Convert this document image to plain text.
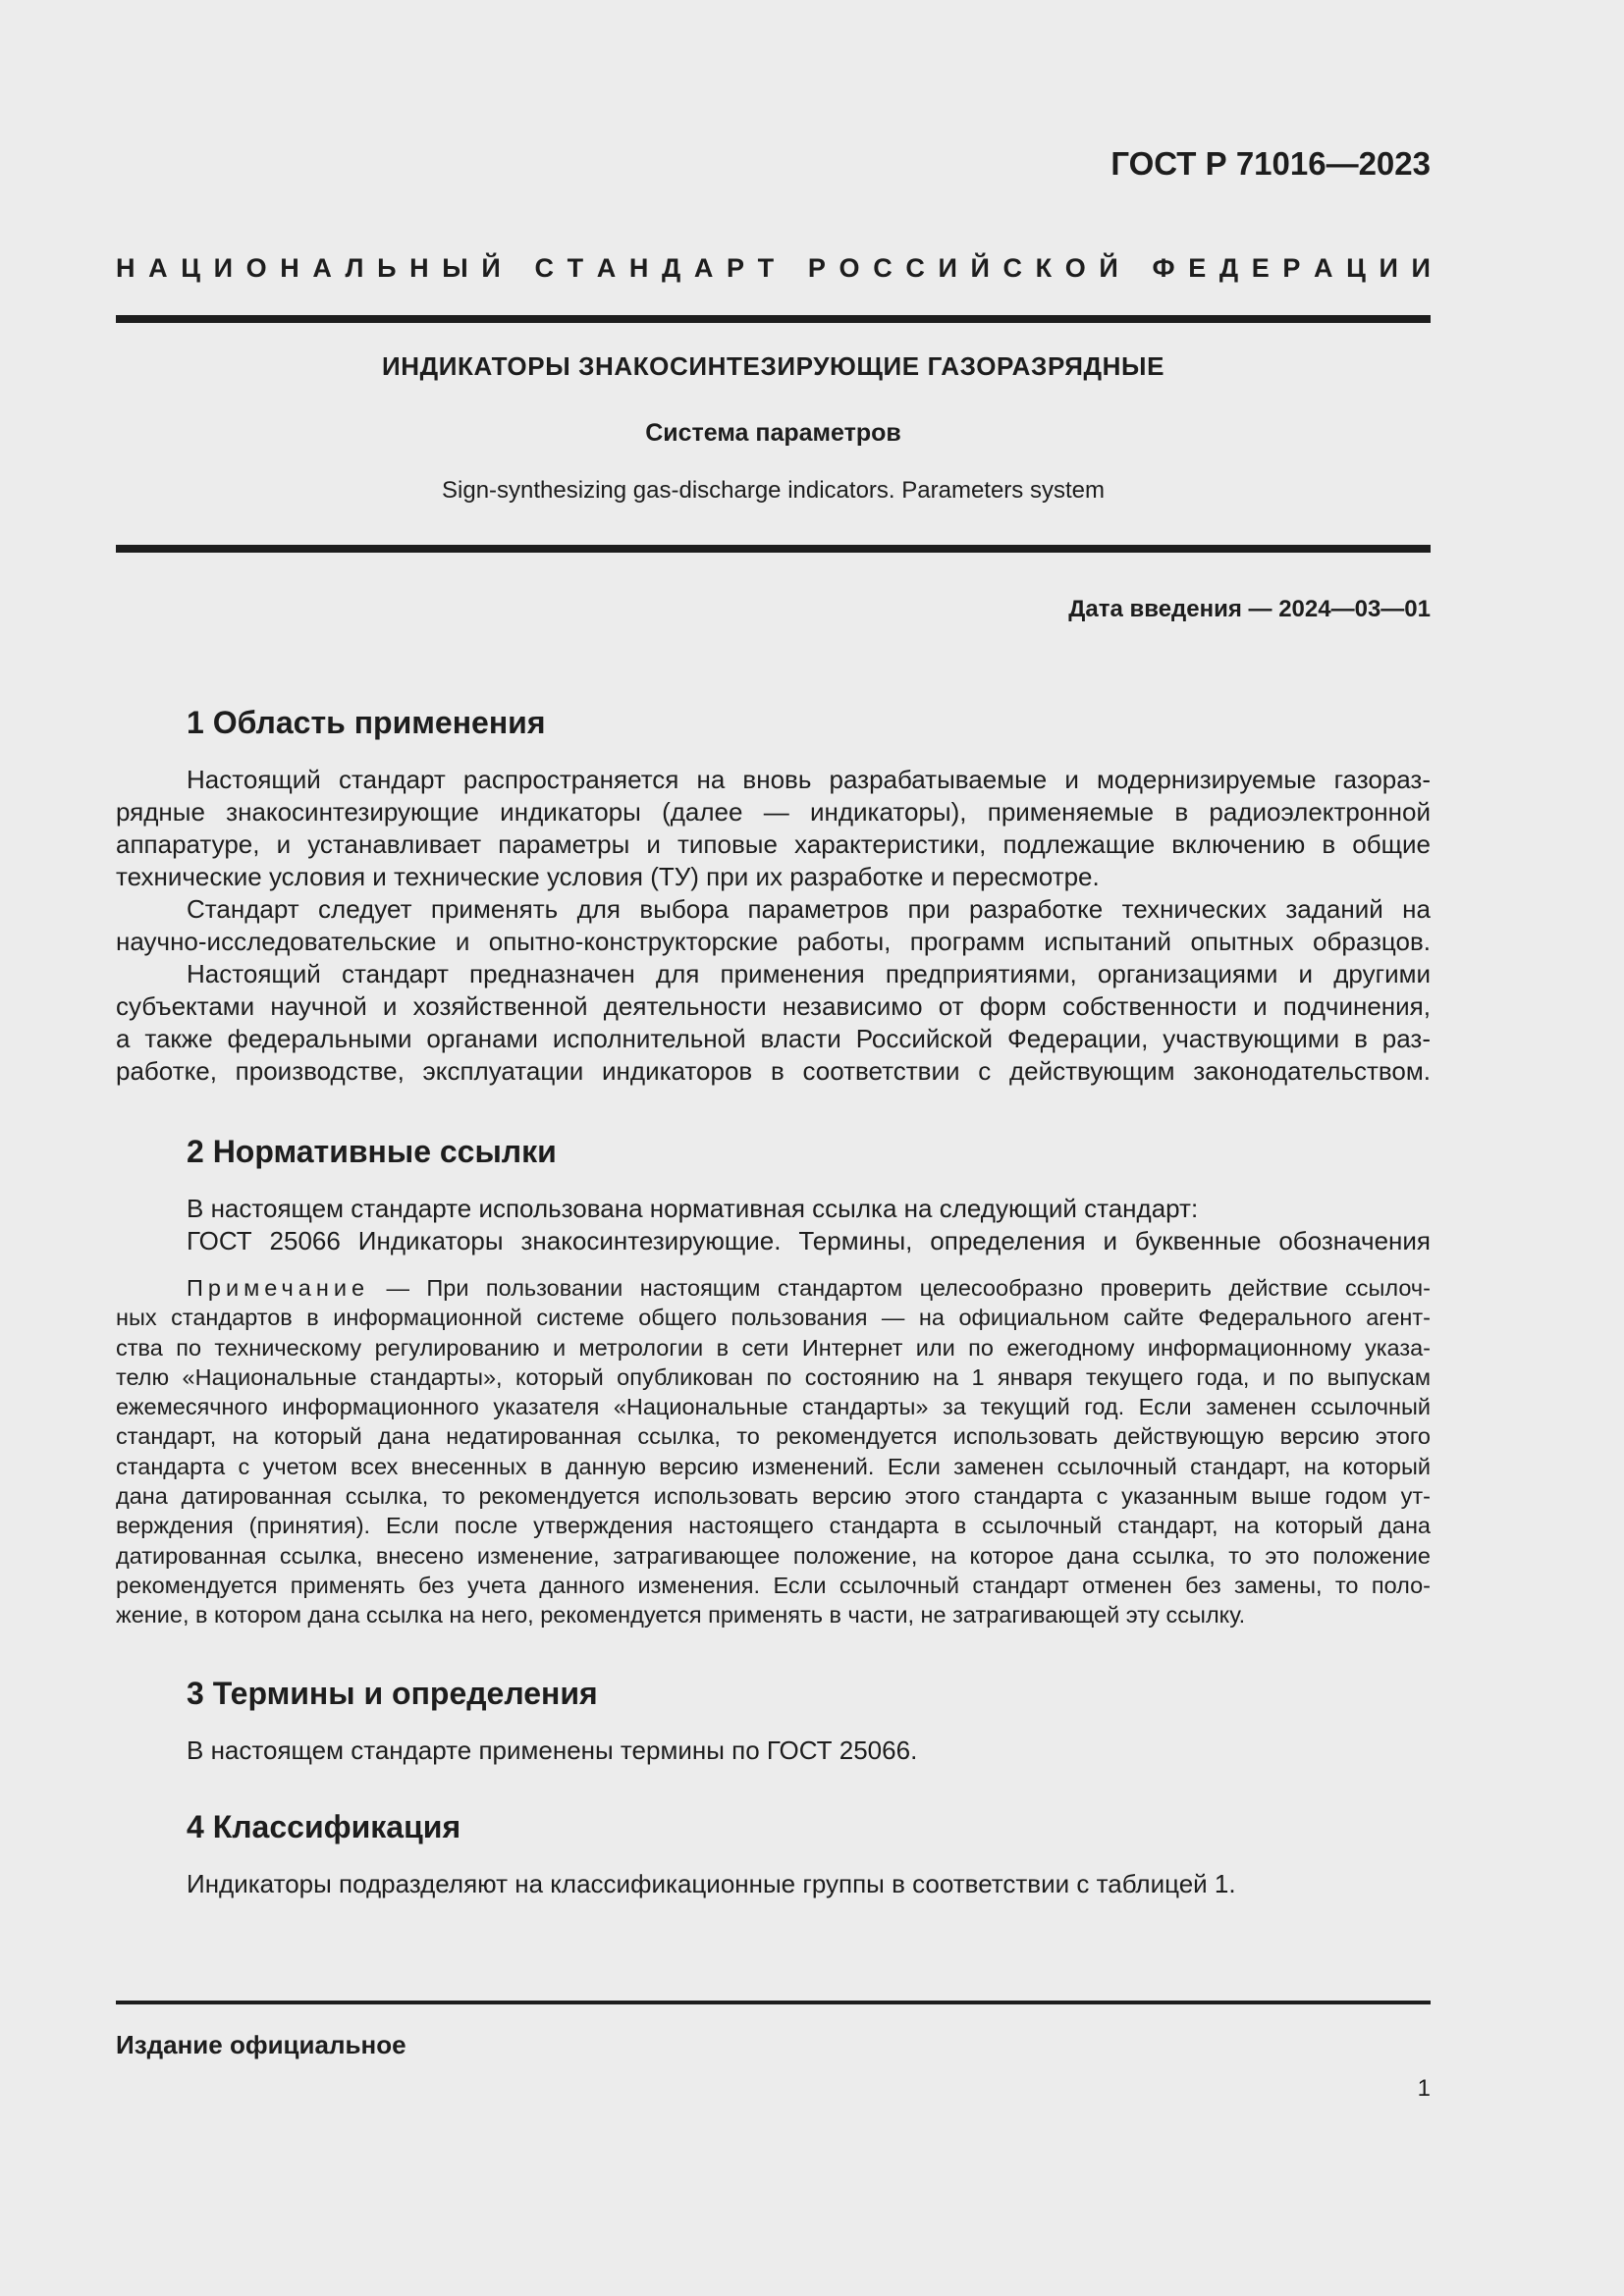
ГОСТ Р 71016—2023
Н А Ц И О Н А Л Ь Н Ы Й
С Т А Н Д А Р Т
Р О С С И Й С К О Й
Ф Е Д Е Р А Ц И И
ИНДИКАТОРЫ ЗНАКОСИНТЕЗИРУЮЩИЕ ГАЗОРАЗРЯДНЫЕ
Система параметров
Sign-synthesizing gas-discharge indicators. Parameters system
Дата введения — 2024—03—01
1 Область применения
Настоящий стандарт распространяется на вновь разрабатываемые и модернизируемые газораз-
рядные знакосинтезирующие индикаторы (далее — индикаторы), применяемые в радиоэлектронной
аппаратуре, и устанавливает параметры и типовые характеристики, подлежащие включению в общие
технические условия и технические условия (ТУ) при их разработке и пересмотре.
Стандарт следует применять для выбора параметров при разработке технических заданий на
научно-исследовательские и опытно-конструкторские работы, программ испытаний опытных образцов.
Настоящий стандарт предназначен для применения предприятиями, организациями и другими
субъектами научной и хозяйственной деятельности независимо от форм собственности и подчинения,
а также федеральными органами исполнительной власти Российской Федерации, участвующими в раз-
работке, производстве, эксплуатации индикаторов в соответствии с действующим законодательством.
2 Нормативные ссылки
В настоящем стандарте использована нормативная ссылка на следующий стандарт:
ГОСТ 25066 Индикаторы знакосинтезирующие. Термины, определения и буквенные обозначения
Примечание — При пользовании настоящим стандартом целесообразно проверить действие ссылоч-
ных стандартов в информационной системе общего пользования — на официальном сайте Федерального агент-
ства по техническому регулированию и метрологии в сети Интернет или по ежегодному информационному указа-
телю «Национальные стандарты», который опубликован по состоянию на 1 января текущего года, и по выпускам
ежемесячного информационного указателя «Национальные стандарты» за текущий год. Если заменен ссылочный
стандарт, на который дана недатированная ссылка, то рекомендуется использовать действующую версию этого
стандарта с учетом всех внесенных в данную версию изменений. Если заменен ссылочный стандарт, на который
дана датированная ссылка, то рекомендуется использовать версию этого стандарта с указанным выше годом ут-
верждения (принятия). Если после утверждения настоящего стандарта в ссылочный стандарт, на который дана
датированная ссылка, внесено изменение, затрагивающее положение, на которое дана ссылка, то это положение
рекомендуется применять без учета данного изменения. Если ссылочный стандарт отменен без замены, то поло-
жение, в котором дана ссылка на него, рекомендуется применять в части, не затрагивающей эту ссылку.
3 Термины и определения
В настоящем стандарте применены термины по ГОСТ 25066.
4 Классификация
Индикаторы подразделяют на классификационные группы в соответствии с таблицей 1.
Издание официальное
1
